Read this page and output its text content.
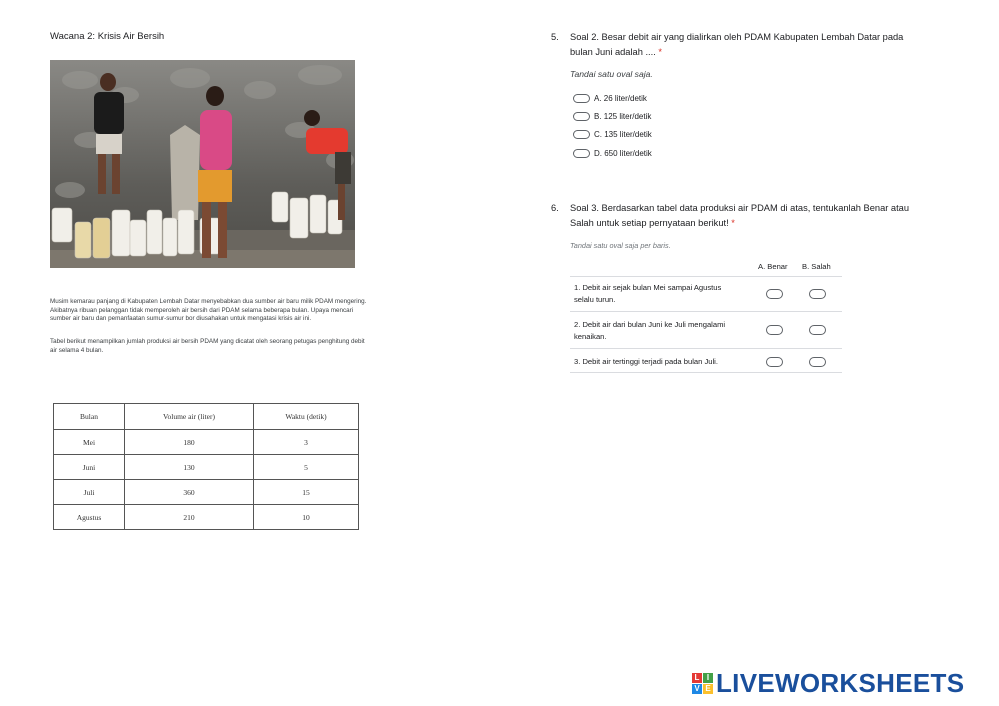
Wacana 2: Krisis Air Bersih
Musim kemarau panjang di Kabupaten Lembah Datar menyebabkan dua sumber air baru milik PDAM mengering.
Akibatnya ribuan pelanggan tidak memperoleh air bersih dari PDAM selama beberapa bulan. Upaya mencari
sumber air baru dan pemanfaatan sumur-sumur bor diusahakan untuk mengatasi krisis air ini.
Tabel berikut menampilkan jumlah produksi air bersih PDAM yang dicatat oleh seorang petugas penghitung debit
air selama 4 bulan.
Bulan	Volume air (liter)	Waktu (detik)
Mei	180	3
Juni	130	5
Juli	360	15
Agustus	210	10
5. Soal 2. Besar debit air yang dialirkan oleh PDAM Kabupaten Lembah Datar pada
bulan Juni adalah .... *
Tandai satu oval saja.
A. 26 liter/detik
B. 125 liter/detik
C. 135 liter/detik
D. 650 liter/detik
6. Soal 3. Berdasarkan tabel data produksi air PDAM di atas, tentukanlah Benar atau
Salah untuk setiap pernyataan berikut! *
Tandai satu oval saja per baris.
A. Benar B. Salah
1. Debit air sejak bulan Mei sampai Agustus
selalu turun.
2. Debit air dari bulan Juni ke Juli mengalami
kenaikan.
3. Debit air tertinggi terjadi pada bulan Juli.
L I
V E LIVEWORKSHEETS
